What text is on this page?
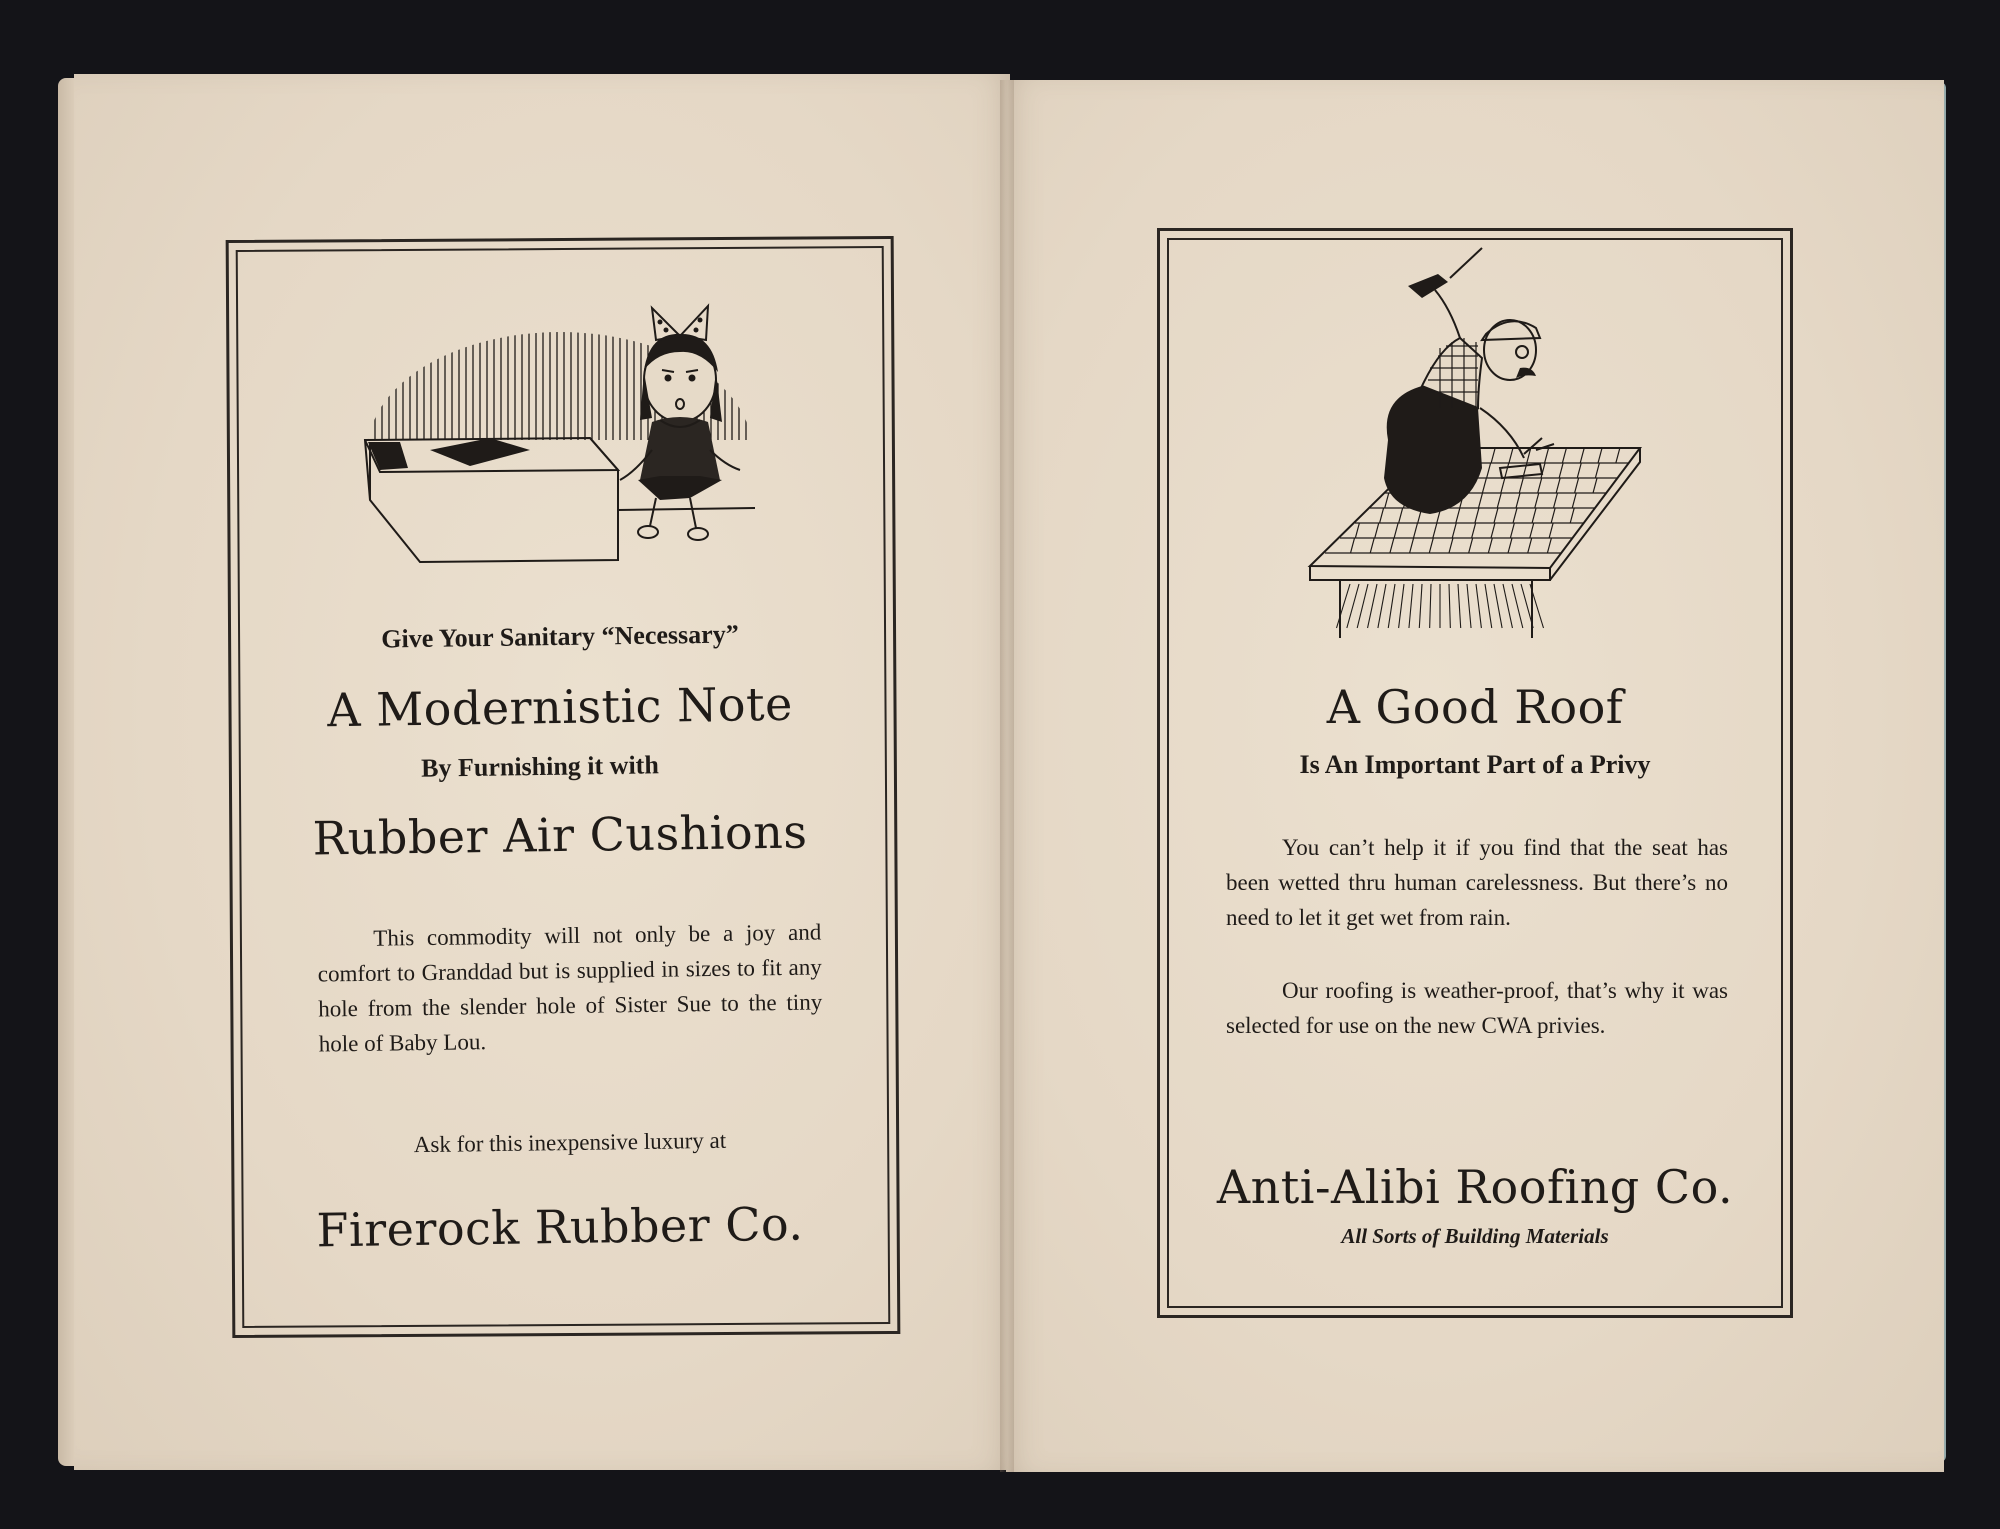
Give Your Sanitary “Necessary”
A Modernistic Note
By Furnishing it with
Rubber Air Cushions

This commodity will not only be a joy and comfort to Granddad but is supplied in sizes to fit any hole from the slender hole of Sister Sue to the tiny hole of Baby Lou.

Ask for this inexpensive luxury at
Firerock Rubber Co.
A Good Roof
Is An Important Part of a Privy

You can’t help it if you find that the seat has been wetted thru human carelessness. But there’s no need to let it get wet from rain.

Our roofing is weather-proof, that’s why it was selected for use on the new CWA privies.

Anti-Alibi Roofing Co.
All Sorts of Building Materials
